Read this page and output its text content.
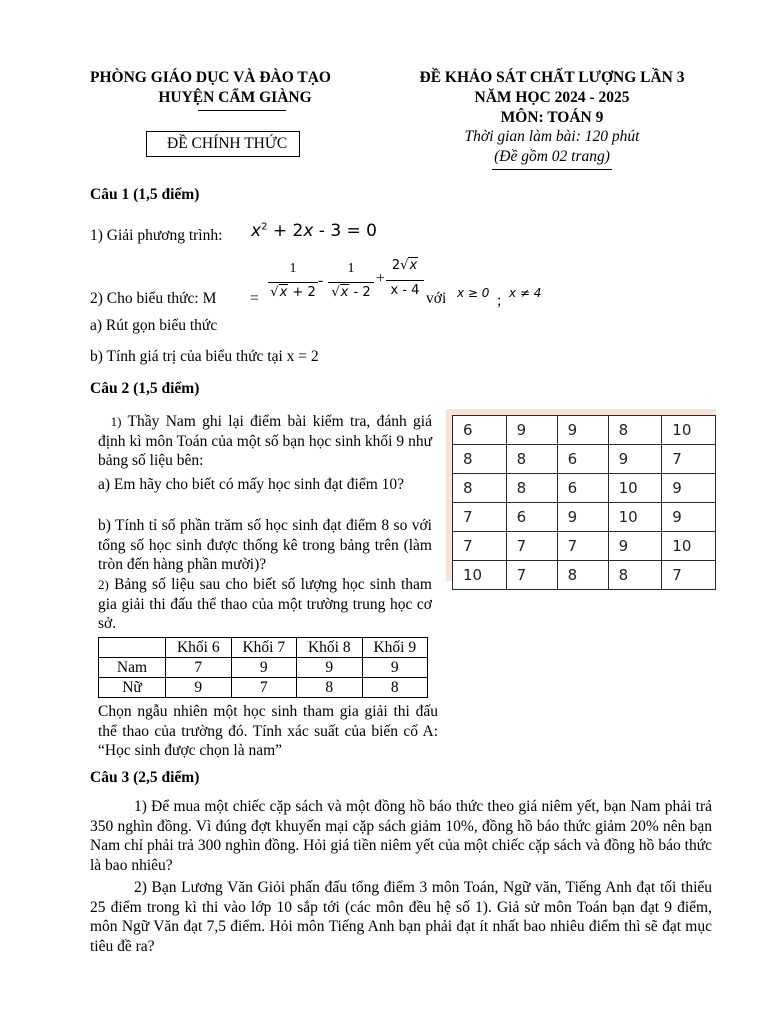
PHÒNG GIÁO DỤC VÀ ĐÀO TẠO
HUYỆN CẨM GIÀNG
ĐỀ KHẢO SÁT CHẤT LƯỢNG LẦN 3
NĂM HỌC 2024 - 2025
MÔN: TOÁN 9
Thời gian làm bài: 120 phút
(Đề gồm 02 trang)
ĐỀ CHÍNH THỨC
Câu 1 (1,5 điểm)
1) Giải phương trình: $x^2 + 2x - 3 = 0$
2) Cho biểu thức: M =
1
√x + 2
-
1
√x - 2
+
2√x
x - 4 với x ≥ 0 ; x ≠ 4
a) Rút gọn biểu thức
b) Tính giá trị của biểu thức tại x = 2
Câu 2 (1,5 điểm)
1) Thầy Nam ghi lại điểm bài kiểm tra, đánh giá định kì môn Toán của một số bạn học sinh khối 9 như bảng số liệu bên:
a) Em hãy cho biết có mấy học sinh đạt điểm 10?
b) Tính tỉ số phần trăm số học sinh đạt điểm 8 so với tổng số học sinh được thống kê trong bảng trên (làm tròn đến hàng phần mười)?
2) Bảng số liệu sau cho biết số lượng học sinh tham gia giải thi đấu thể thao của một trường trung học cơ sở.
6	9	9	8	10
8	8	6	9	7
8	8	6	10	9
7	6	9	10	9
7	7	7	9	10
10	7	8	8	7
	Khối 6	Khối 7	Khối 8	Khối 9
Nam	7	9	9	9
Nữ	9	7	8	8
Chọn ngẫu nhiên một học sinh tham gia giải thi đấu thể thao của trường đó. Tính xác suất của biến cố A: “Học sinh được chọn là nam”
Câu 3 (2,5 điểm)
1) Để mua một chiếc cặp sách và một đồng hồ báo thức theo giá niêm yết, bạn Nam phải trả 350 nghìn đồng. Vì đúng đợt khuyến mại cặp sách giảm 10%, đồng hồ báo thức giảm 20% nên bạn Nam chỉ phải trả 300 nghìn đồng. Hỏi giá tiền niêm yết của một chiếc cặp sách và đồng hồ báo thức là bao nhiêu?
2) Bạn Lương Văn Giỏi phấn đấu tổng điểm 3 môn Toán, Ngữ văn, Tiếng Anh đạt tối thiểu 25 điểm trong kì thi vào lớp 10 sắp tới (các môn đều hệ số 1). Giả sử môn Toán bạn đạt 9 điểm, môn Ngữ Văn đạt 7,5 điểm. Hỏi môn Tiếng Anh bạn phải đạt ít nhất bao nhiêu điểm thì sẽ đạt mục tiêu đề ra?
